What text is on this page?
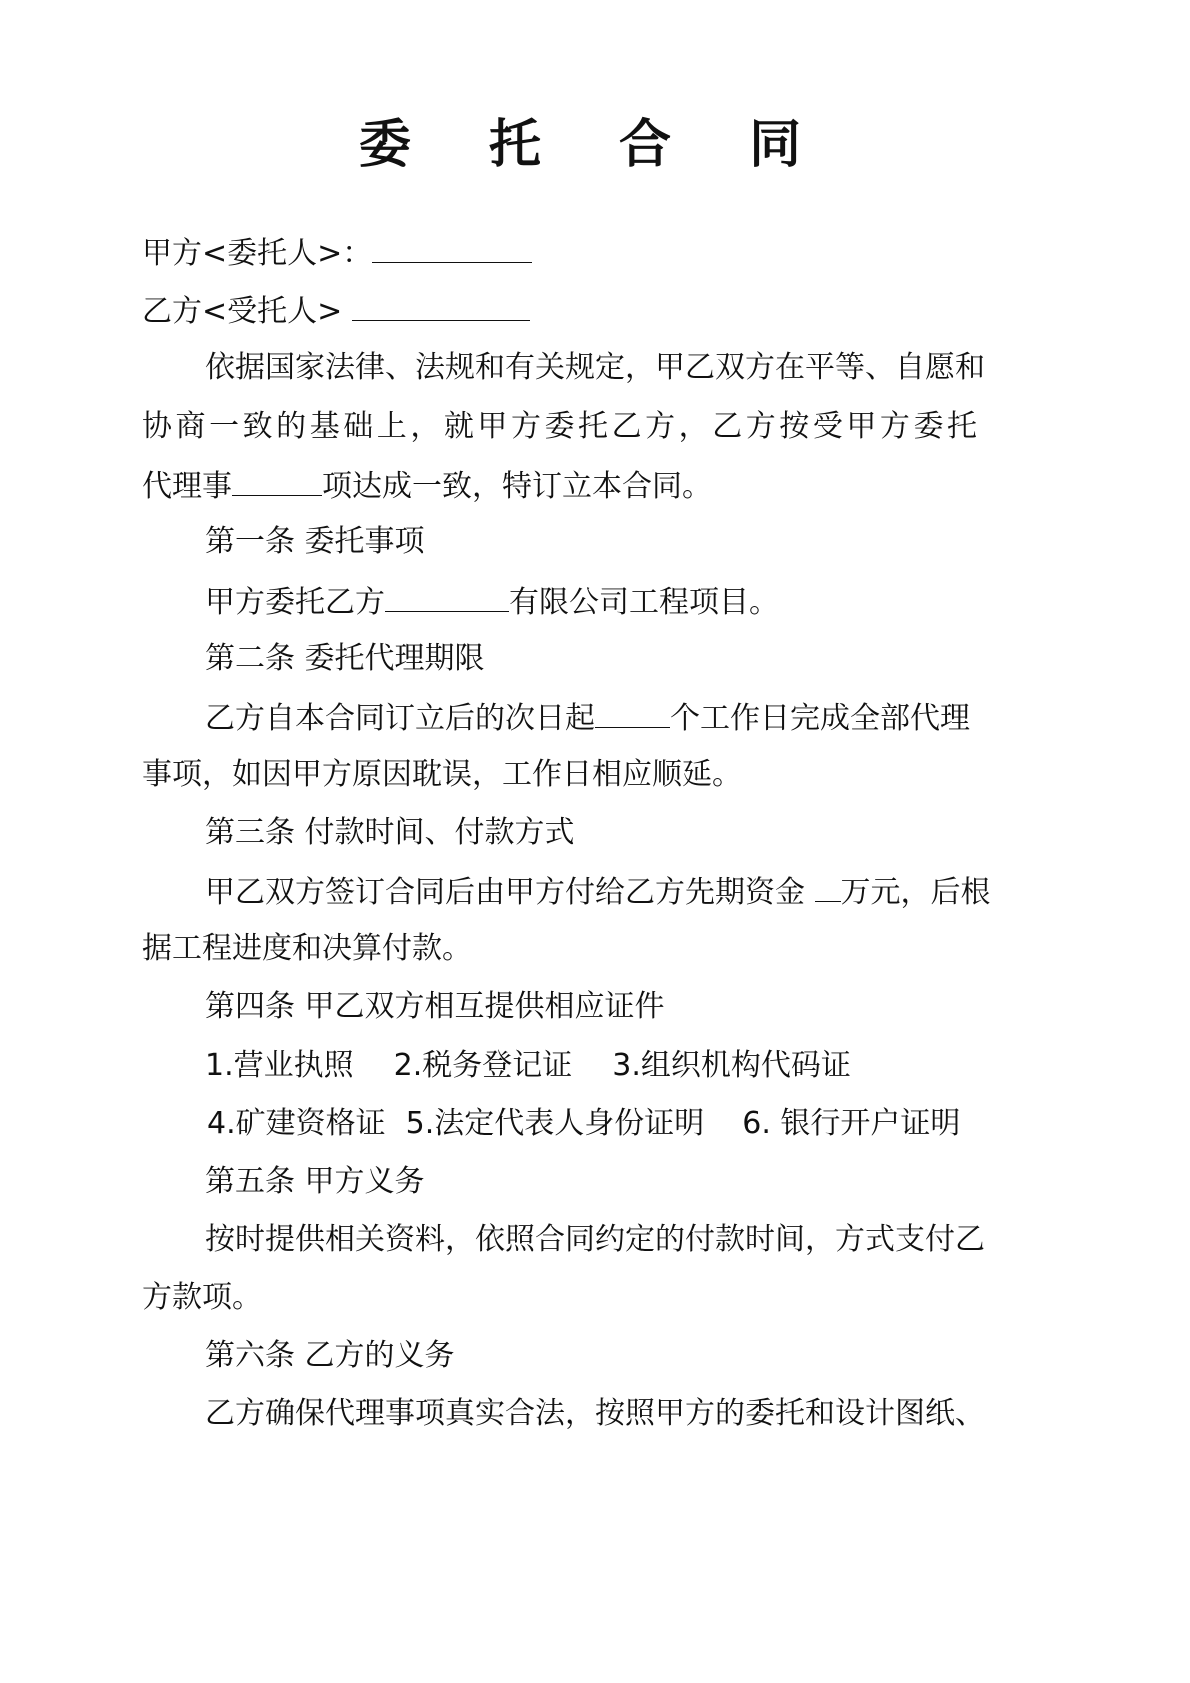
委 托 合 同
甲方<委托人>：
乙方<受托人>
依据国家法律、法规和有关规定，甲乙双方在平等、自愿和
协商一致的基础上，就甲方委托乙方，乙方按受甲方委托
代理事	项达成一致，特订立本合同。
第一条 委托事项
甲方委托乙方	有限公司工程项目。
第二条 委托代理期限
乙方自本合同订立后的次日起	个工作日完成全部代理
事项，如因甲方原因耽误，工作日相应顺延。
第三条 付款时间、付款方式
甲乙双方签订合同后由甲方付给乙方先期资金 万元，后根
据工程进度和决算付款。
第四条 甲乙双方相互提供相应证件
1.营业执照 2.税务登记证 3.组织机构代码证
4.矿建资格证 5.法定代表人身份证明 6. 银行开户证明
第五条 甲方义务
按时提供相关资料，依照合同约定的付款时间，方式支付乙
方款项。
第六条 乙方的义务
乙方确保代理事项真实合法，按照甲方的委托和设计图纸、
